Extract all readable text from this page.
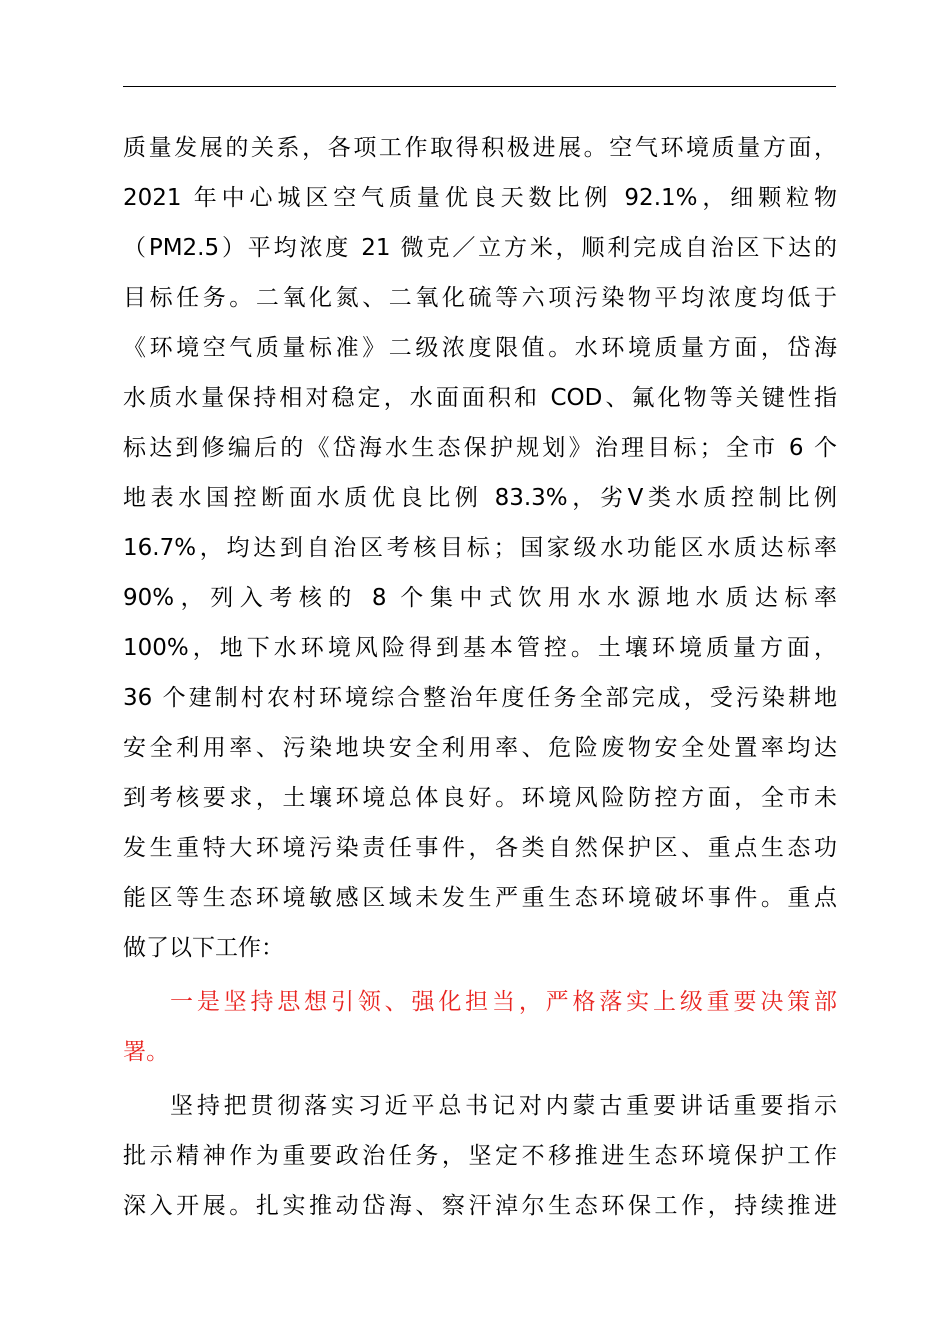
质量发展的关系，各项工作取得积极进展。空气环境质量方面，
2021 年中心城区空气质量优良天数比例 92.1%，细颗粒物
（PM2.5）平均浓度 21 微克／立方米，顺利完成自治区下达的
目标任务。二氧化氮、二氧化硫等六项污染物平均浓度均低于
《环境空气质量标准》二级浓度限值。水环境质量方面，岱海
水质水量保持相对稳定，水面面积和 COD、氟化物等关键性指
标达到修编后的《岱海水生态保护规划》治理目标；全市 6 个
地表水国控断面水质优良比例 83.3%，劣Ⅴ类水质控制比例
16.7%，均达到自治区考核目标；国家级水功能区水质达标率
90%，列入考核的 8 个集中式饮用水水源地水质达标率
100%，地下水环境风险得到基本管控。土壤环境质量方面，
36 个建制村农村环境综合整治年度任务全部完成，受污染耕地
安全利用率、污染地块安全利用率、危险废物安全处置率均达
到考核要求，土壤环境总体良好。环境风险防控方面，全市未
发生重特大环境污染责任事件，各类自然保护区、重点生态功
能区等生态环境敏感区域未发生严重生态环境破坏事件。重点
做了以下工作：
一是坚持思想引领、强化担当，严格落实上级重要决策部
署。
坚持把贯彻落实习近平总书记对内蒙古重要讲话重要指示
批示精神作为重要政治任务，坚定不移推进生态环境保护工作
深入开展。扎实推动岱海、察汗淖尔生态环保工作，持续推进
